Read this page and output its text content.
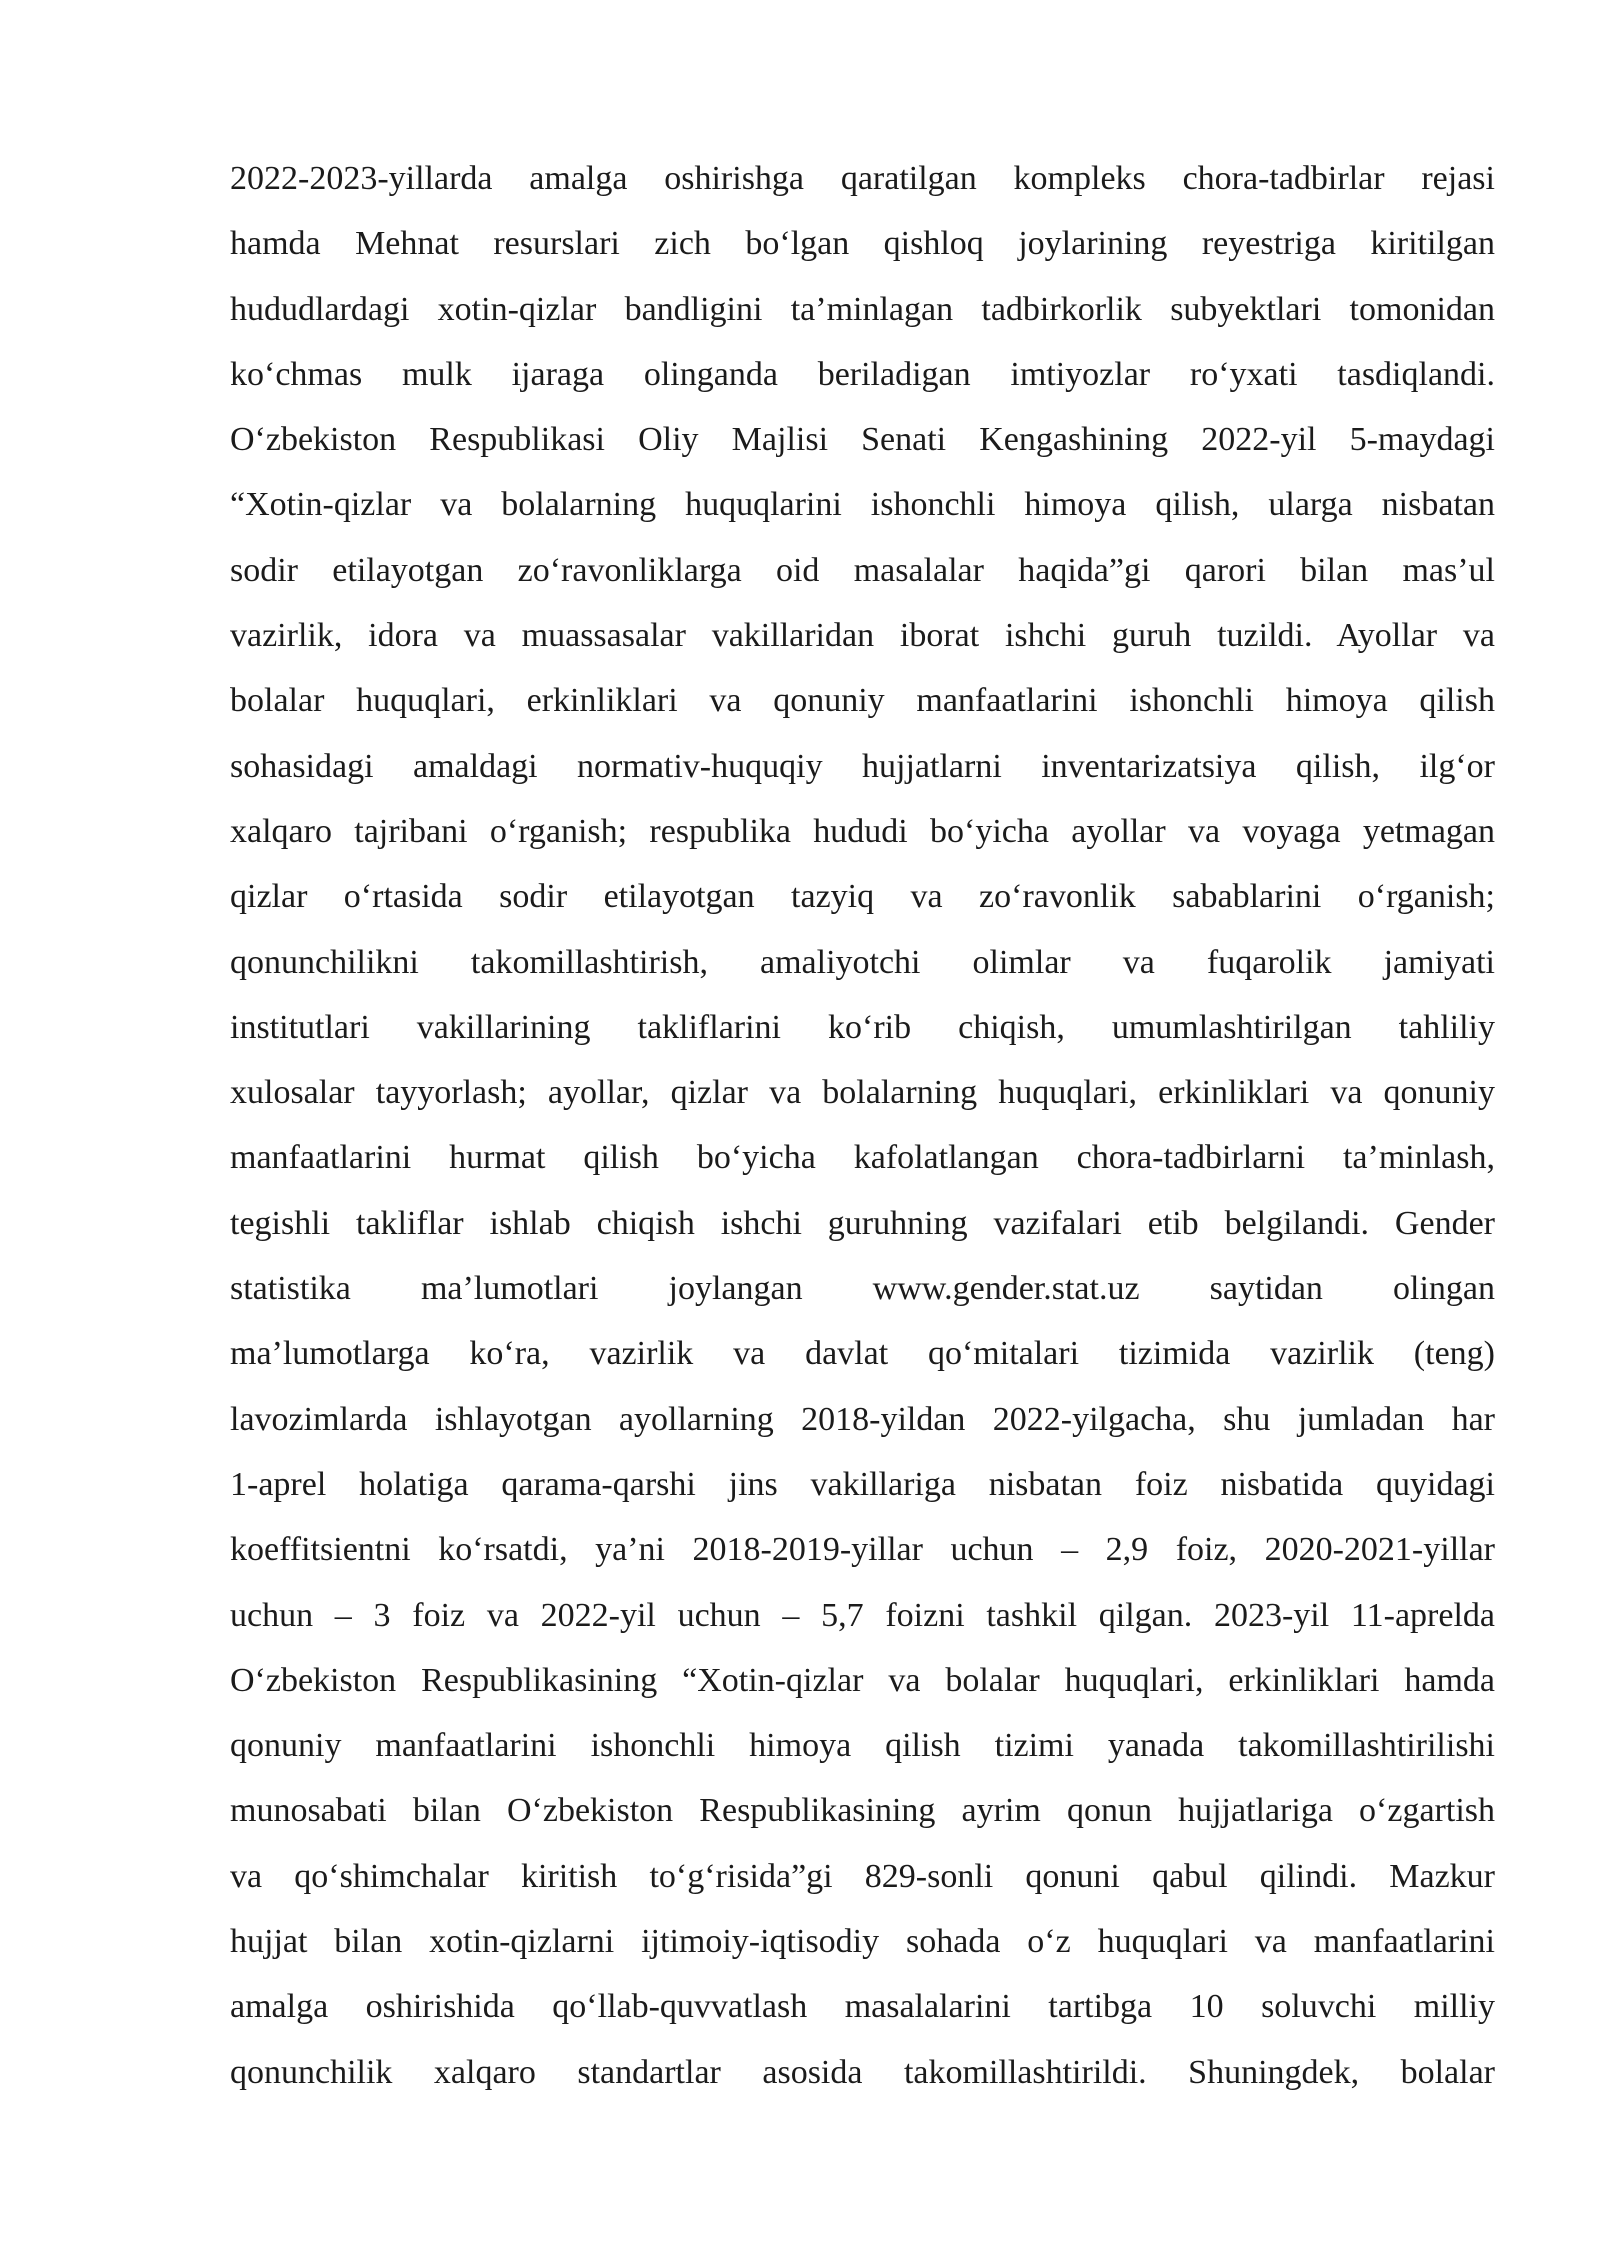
2022-2023-yillarda amalga oshirishga qaratilgan kompleks chora-tadbirlar rejasi
hamda Mehnat resurslari zich bo‘lgan qishloq joylarining reyestriga kiritilgan
hududlardagi xotin-qizlar bandligini ta’minlagan tadbirkorlik subyektlari tomonidan
ko‘chmas mulk ijaraga olinganda beriladigan imtiyozlar ro‘yxati tasdiqlandi.
O‘zbekiston Respublikasi Oliy Majlisi Senati Kengashining 2022-yil 5-maydagi
“Xotin-qizlar va bolalarning huquqlarini ishonchli himoya qilish, ularga nisbatan
sodir etilayotgan zo‘ravonliklarga oid masalalar haqida”gi qarori bilan mas’ul
vazirlik, idora va muassasalar vakillaridan iborat ishchi guruh tuzildi. Ayollar va
bolalar huquqlari, erkinliklari va qonuniy manfaatlarini ishonchli himoya qilish
sohasidagi amaldagi normativ-huquqiy hujjatlarni inventarizatsiya qilish, ilg‘or
xalqaro tajribani o‘rganish; respublika hududi bo‘yicha ayollar va voyaga yetmagan
qizlar o‘rtasida sodir etilayotgan tazyiq va zo‘ravonlik sabablarini o‘rganish;
qonunchilikni takomillashtirish, amaliyotchi olimlar va fuqarolik jamiyati
institutlari vakillarining takliflarini ko‘rib chiqish, umumlashtirilgan tahliliy
xulosalar tayyorlash; ayollar, qizlar va bolalarning huquqlari, erkinliklari va qonuniy
manfaatlarini hurmat qilish bo‘yicha kafolatlangan chora-tadbirlarni ta’minlash,
tegishli takliflar ishlab chiqish ishchi guruhning vazifalari etib belgilandi. Gender
statistika ma’lumotlari joylangan www.gender.stat.uz saytidan olingan
ma’lumotlarga ko‘ra, vazirlik va davlat qo‘mitalari tizimida vazirlik (teng)
lavozimlarda ishlayotgan ayollarning 2018-yildan 2022-yilgacha, shu jumladan har
1-aprel holatiga qarama-qarshi jins vakillariga nisbatan foiz nisbatida quyidagi
koeffitsientni ko‘rsatdi, ya’ni 2018-2019-yillar uchun – 2,9 foiz, 2020-2021-yillar
uchun – 3 foiz va 2022-yil uchun – 5,7 foizni tashkil qilgan. 2023-yil 11-aprelda
O‘zbekiston Respublikasining “Xotin-qizlar va bolalar huquqlari, erkinliklari hamda
qonuniy manfaatlarini ishonchli himoya qilish tizimi yanada takomillashtirilishi
munosabati bilan O‘zbekiston Respublikasining ayrim qonun hujjatlariga o‘zgartish
va qo‘shimchalar kiritish to‘g‘risida”gi 829-sonli qonuni qabul qilindi. Mazkur
hujjat bilan xotin-qizlarni ijtimoiy-iqtisodiy sohada o‘z huquqlari va manfaatlarini
amalga oshirishida qo‘llab-quvvatlash masalalarini tartibga 10 soluvchi milliy
qonunchilik xalqaro standartlar asosida takomillashtirildi. Shuningdek, bolalar
